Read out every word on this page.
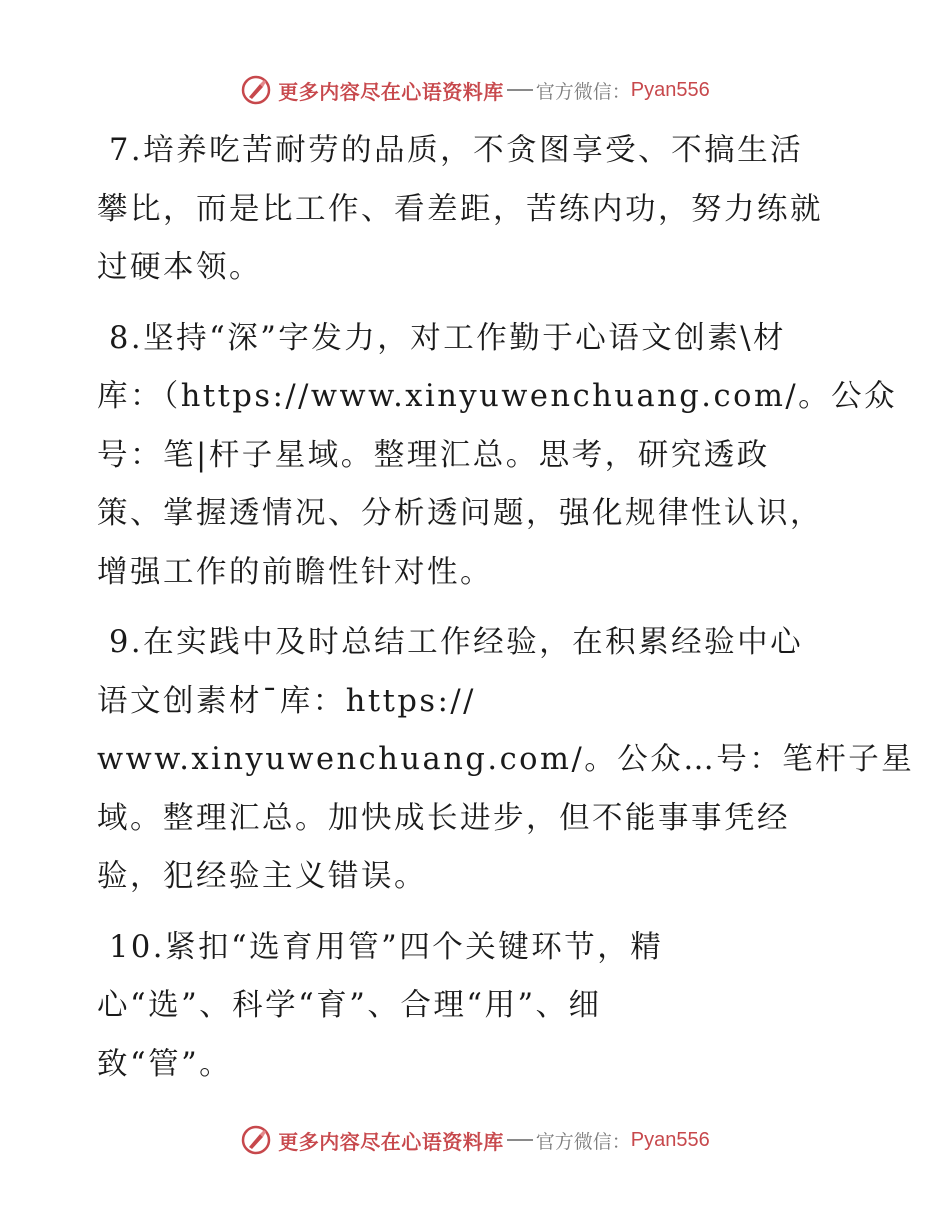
更多内容尽在心语资料库 官方微信： Pyan556

7.培养吃苦耐劳的品质，不贪图享受、不搞生活
攀比，而是比工作、看差距，苦练内功，努力练就
过硬本领。

8.坚持“深”字发力，对工作勤于心语文创素\材
库：（https://www.xinyuwenchuang.com/。公众
号：笔|杆子星域。整理汇总。思考，研究透政
策、掌握透情况、分析透问题，强化规律性认识，
增强工作的前瞻性针对性。

9.在实践中及时总结工作经验，在积累经验中心
语文创素材¯库：https://
www.xinyuwenchuang.com/。公众…号：笔杆子星
域。整理汇总。加快成长进步，但不能事事凭经
验，犯经验主义错误。

10.紧扣“选育用管”四个关键环节，精
心“选”、科学“育”、合理“用”、细
致“管”。

更多内容尽在心语资料库 官方微信： Pyan556
